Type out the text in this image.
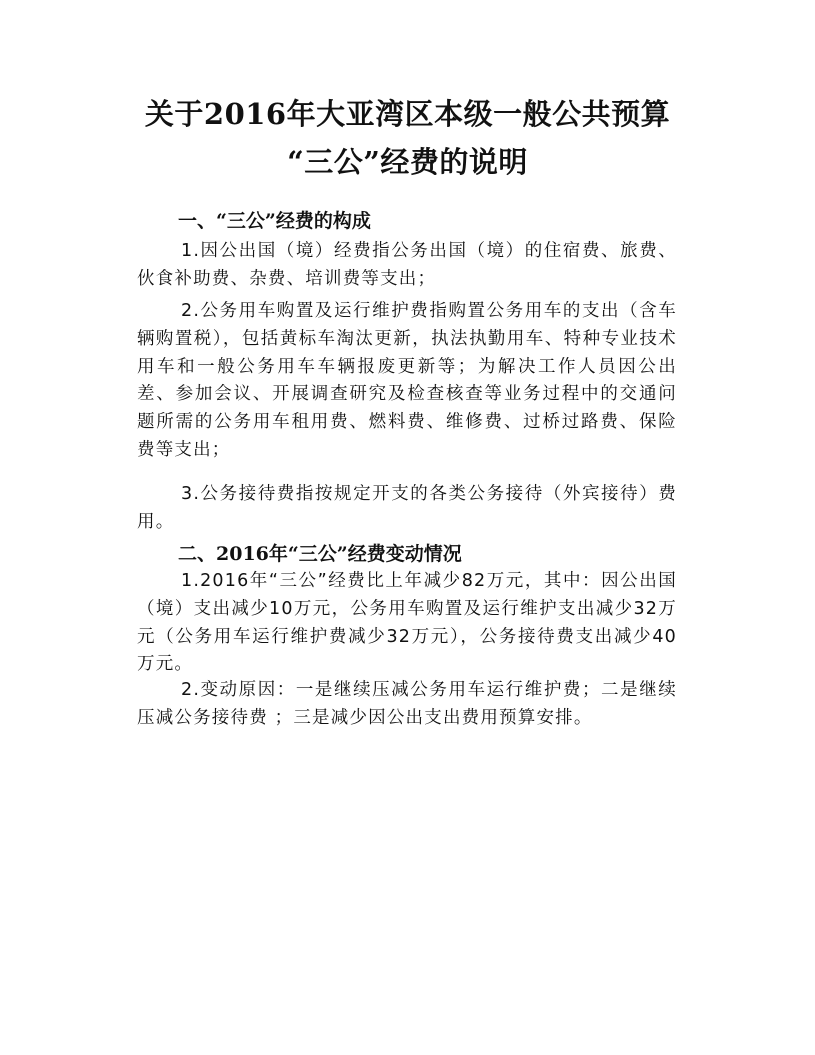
关于2016年大亚湾区本级一般公共预算
“三公”经费的说明
一、“三公”经费的构成

1.因公出国（境）经费指公务出国（境）的住宿费、旅费、伙食补助费、杂费、培训费等支出；

2.公务用车购置及运行维护费指购置公务用车的支出（含车辆购置税），包括黄标车淘汰更新，执法执勤用车、特种专业技术用车和一般公务用车车辆报废更新等；为解决工作人员因公出差、参加会议、开展调查研究及检查核查等业务过程中的交通问题所需的公务用车租用费、燃料费、维修费、过桥过路费、保险费等支出；

3.公务接待费指按规定开支的各类公务接待（外宾接待）费用。

二、2016年“三公”经费变动情况

1.2016年“三公”经费比上年减少82万元，其中：因公出国（境）支出减少10万元，公务用车购置及运行维护支出减少32万元（公务用车运行维护费减少32万元），公务接待费支出减少40万元。

2.变动原因：一是继续压减公务用车运行维护费；二是继续压减公务接待费 ；三是减少因公出支出费用预算安排。
